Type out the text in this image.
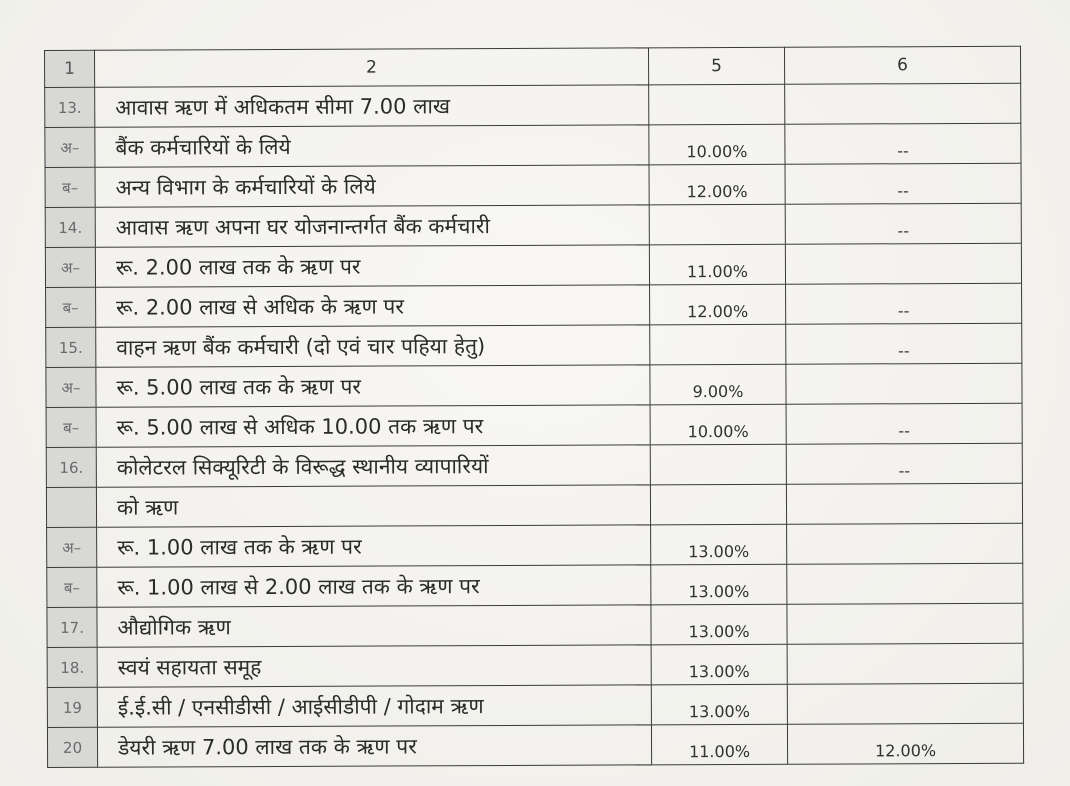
1	2	5	6
13.	आवास ऋण में अधिकतम सीमा 7.00 लाख		
अ–	बैंक कर्मचारियों के लिये	10.00%	--
ब–	अन्य विभाग के कर्मचारियों के लिये	12.00%	--
14.	आवास ऋण अपना घर योजनान्तर्गत बैंक कर्मचारी		--
अ–	रू. 2.00 लाख तक के ऋण पर	11.00%	
ब–	रू. 2.00 लाख से अधिक के ऋण पर	12.00%	--
15.	वाहन ऋण बैंक कर्मचारी (दो एवं चार पहिया हेतु)		--
अ–	रू. 5.00 लाख तक के ऋण पर	9.00%	
ब–	रू. 5.00 लाख से अधिक 10.00 तक ऋण पर	10.00%	--
16.	कोलेटरल सिक्यूरिटी के विरूद्ध स्थानीय व्यापारियों		--
	को ऋण		
अ–	रू. 1.00 लाख तक के ऋण पर	13.00%	
ब–	रू. 1.00 लाख से 2.00 लाख तक के ऋण पर	13.00%	
17.	औद्योगिक ऋण	13.00%	
18.	स्वयं सहायता समूह	13.00%	
19	ई.ई.सी / एनसीडीसी / आईसीडीपी / गोदाम ऋण	13.00%	
20	डेयरी ऋण 7.00 लाख तक के ऋण पर	11.00%	12.00%
